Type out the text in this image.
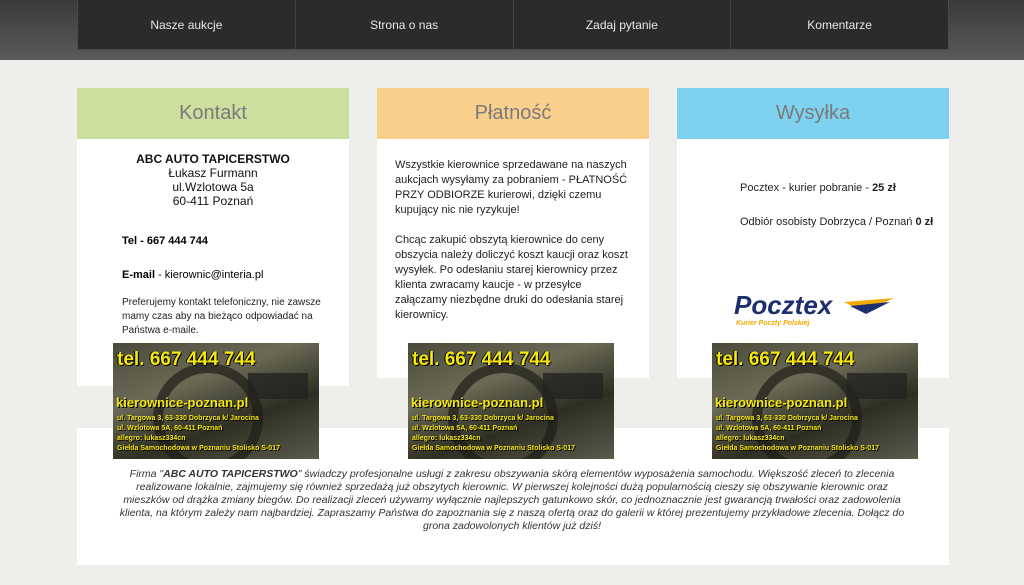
Nasze aukcje	Strona o nas	Zadaj pytanie	Komentarze
Kontakt
ABC AUTO TAPICERSTWO
Łukasz Furmann
ul.Wzlotowa 5a
60-411 Poznań
Tel - 667 444 744
E-mail - kierownic@interia.pl
Preferujemy kontakt telefoniczny, nie zawsze mamy czas aby na bieżąco odpowiadać na Państwa e-maile.
Płatność
Wszystkie kierownice sprzedawane na naszych aukcjach wysyłamy za pobraniem - PŁATNOŚĆ PRZY ODBIORZE kurierowi, dzięki czemu kupujący nic nie ryzykuje!
Chcąc zakupić obszytą kierownice do ceny obszycia należy doliczyć koszt kaucji oraz koszt wysyłek. Po odesłaniu starej kierownicy przez klienta zwracamy kaucje - w przesyłce załączamy niezbędne druki do odesłania starej kierownicy.
Wysyłka
Pocztex - kurier pobranie - 25 zł
Odbiór osobisty Dobrzyca / Poznań 0 zł
Pocztex
Kurier Poczty Polskiej
Firma "ABC AUTO TAPICERSTWO" świadczy profesjonalne usługi z zakresu obszywania skórą elementów wyposażenia samochodu. Większość zleceń to zlecenia realizowane lokalnie, zajmujemy się również sprzedażą już obszytych kierownic. W pierwszej kolejności dużą popularnością cieszy się obszywanie kierownic oraz mieszków od drążka zmiany biegów. Do realizacji zleceń używamy wyłącznie najlepszych gatunkowo skór, co jednoznacznie jest gwarancją trwałości oraz zadowolenia klienta, na którym zależy nam najbardziej. Zapraszamy Państwa do zapoznania się z naszą ofertą oraz do galerii w której prezentujemy przykładowe zlecenia. Dołącz do grona zadowolonych klientów już dziś!
tel. 667 444 744
kierownice-poznan.pl
ul. Targowa 3, 63-330 Dobrzyca k/ Jarocina
ul. Wzlotowa 5A, 60-411 Poznań
allegro: lukasz334cn
Giełda Samochodowa w Poznaniu Stolisko S-017
tel. 667 444 744
kierownice-poznan.pl
ul. Targowa 3, 63-330 Dobrzyca k/ Jarocina
ul. Wzlotowa 5A, 60-411 Poznań
allegro: lukasz334cn
Giełda Samochodowa w Poznaniu Stolisko S-017
tel. 667 444 744
kierownice-poznan.pl
ul. Targowa 3, 63-330 Dobrzyca k/ Jarocina
ul. Wzlotowa 5A, 60-411 Poznań
allegro: lukasz334cn
Giełda Samochodowa w Poznaniu Stolisko S-017
